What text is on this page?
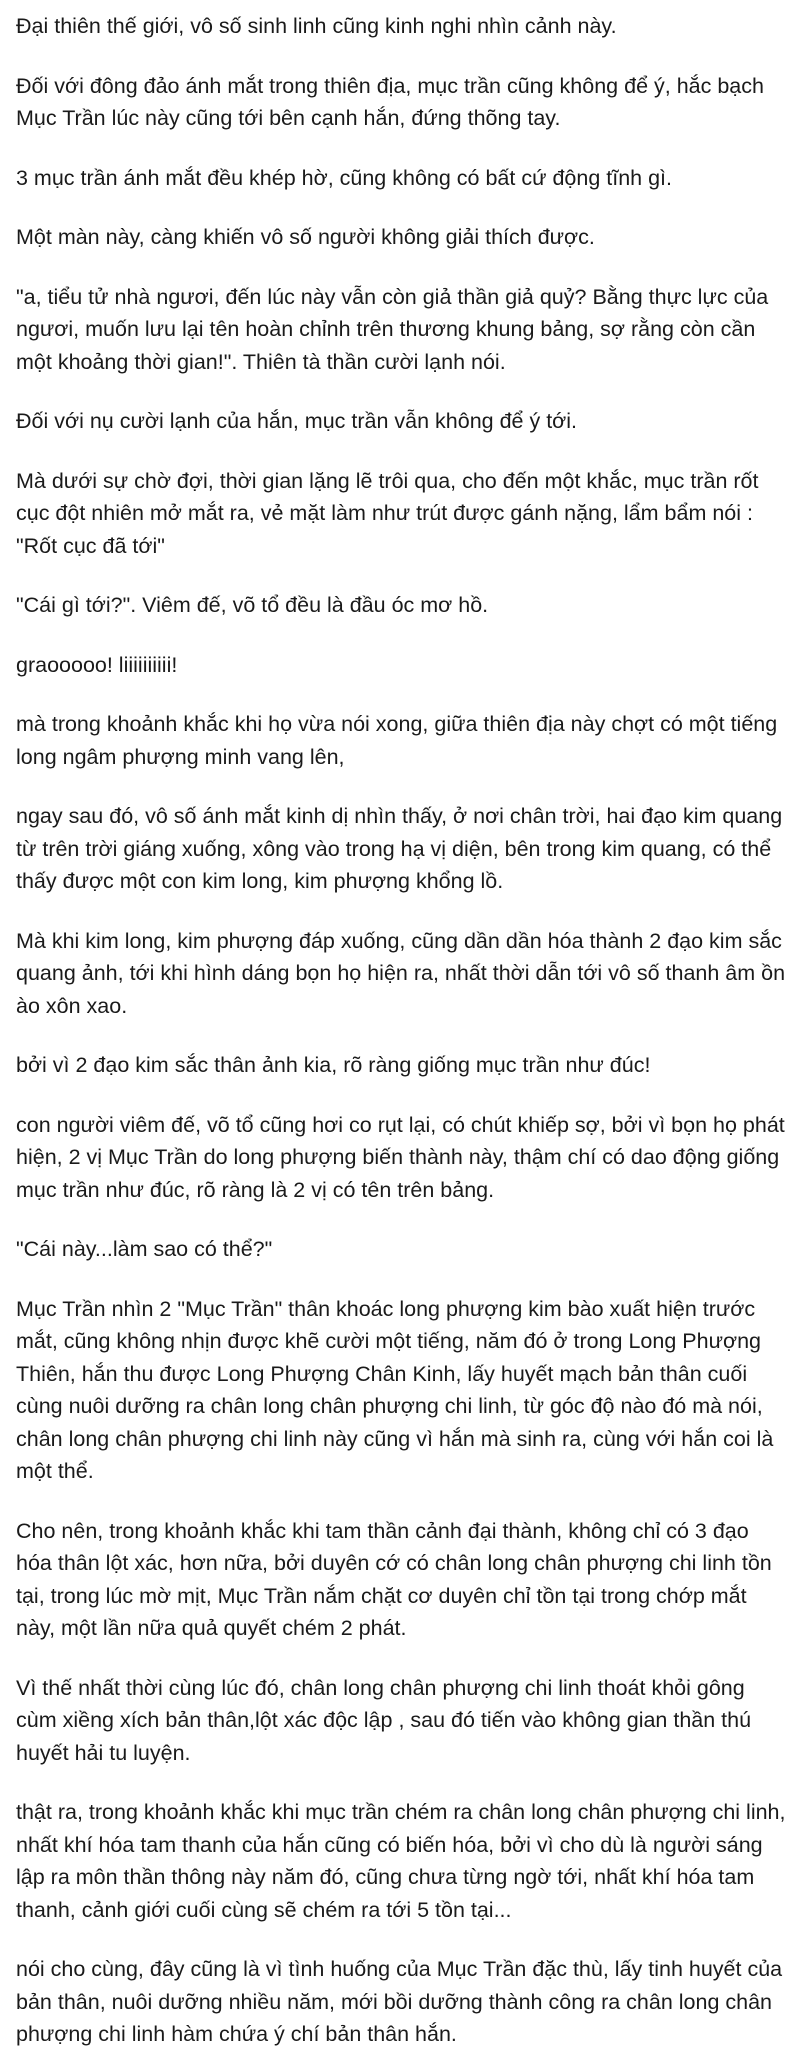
Đại thiên thế giới, vô số sinh linh cũng kinh nghi nhìn cảnh này.

Đối với đông đảo ánh mắt trong thiên địa, mục trần cũng không để ý, hắc bạch Mục Trần lúc này cũng tới bên cạnh hắn, đứng thõng tay.

3 mục trần ánh mắt đều khép hờ, cũng không có bất cứ động tĩnh gì.

Một màn này, càng khiến vô số người không giải thích được.

"a, tiểu tử nhà ngươi, đến lúc này vẫn còn giả thần giả quỷ? Bằng thực lực của ngươi, muốn lưu lại tên hoàn chỉnh trên thương khung bảng, sợ rằng còn cần một khoảng thời gian!". Thiên tà thần cười lạnh nói.

Đối với nụ cười lạnh của hắn, mục trần vẫn không để ý tới.

Mà dưới sự chờ đợi, thời gian lặng lẽ trôi qua, cho đến một khắc, mục trần rốt cục đột nhiên mở mắt ra, vẻ mặt làm như trút được gánh nặng, lẩm bẩm nói : "Rốt cục đã tới"

"Cái gì tới?". Viêm đế, võ tổ đều là đầu óc mơ hồ.

graooooo! liiiiiiiiii!

mà trong khoảnh khắc khi họ vừa nói xong, giữa thiên địa này chợt có một tiếng long ngâm phượng minh vang lên,

ngay sau đó, vô số ánh mắt kinh dị nhìn thấy, ở nơi chân trời, hai đạo kim quang từ trên trời giáng xuống, xông vào trong hạ vị diện, bên trong kim quang, có thể thấy được một con kim long, kim phượng khổng lồ.

Mà khi kim long, kim phượng đáp xuống, cũng dần dần hóa thành 2 đạo kim sắc quang ảnh, tới khi hình dáng bọn họ hiện ra, nhất thời dẫn tới vô số thanh âm ồn ào xôn xao.

bởi vì 2 đạo kim sắc thân ảnh kia, rõ ràng giống mục trần như đúc!

con người viêm đế, võ tổ cũng hơi co rụt lại, có chút khiếp sợ, bởi vì bọn họ phát hiện, 2 vị Mục Trần do long phượng biến thành này, thậm chí có dao động giống mục trần như đúc, rõ ràng là 2 vị có tên trên bảng.

"Cái này...làm sao có thể?"

Mục Trần nhìn 2 "Mục Trần" thân khoác long phượng kim bào xuất hiện trước mắt, cũng không nhịn được khẽ cười một tiếng, năm đó ở trong Long Phượng Thiên, hắn thu được Long Phượng Chân Kinh, lấy huyết mạch bản thân cuối cùng nuôi dưỡng ra chân long chân phượng chi linh, từ góc độ nào đó mà nói, chân long chân phượng chi linh này cũng vì hắn mà sinh ra, cùng với hắn coi là một thể.

Cho nên, trong khoảnh khắc khi tam thần cảnh đại thành, không chỉ có 3 đạo hóa thân lột xác, hơn nữa, bởi duyên cớ có chân long chân phượng chi linh tồn tại, trong lúc mờ mịt, Mục Trần nắm chặt cơ duyên chỉ tồn tại trong chớp mắt này, một lần nữa quả quyết chém 2 phát.

Vì thế nhất thời cùng lúc đó, chân long chân phượng chi linh thoát khỏi gông cùm xiềng xích bản thân,lột xác độc lập , sau đó tiến vào không gian thần thú huyết hải tu luyện.

thật ra, trong khoảnh khắc khi mục trần chém ra chân long chân phượng chi linh, nhất khí hóa tam thanh của hắn cũng có biến hóa, bởi vì cho dù là người sáng lập ra môn thần thông này năm đó, cũng chưa từng ngờ tới, nhất khí hóa tam thanh, cảnh giới cuối cùng sẽ chém ra tới 5 tồn tại...

nói cho cùng, đây cũng là vì tình huống của Mục Trần đặc thù, lấy tinh huyết của bản thân, nuôi dưỡng nhiều năm, mới bồi dưỡng thành công ra chân long chân phượng chi linh hàm chứa ý chí bản thân hắn.
